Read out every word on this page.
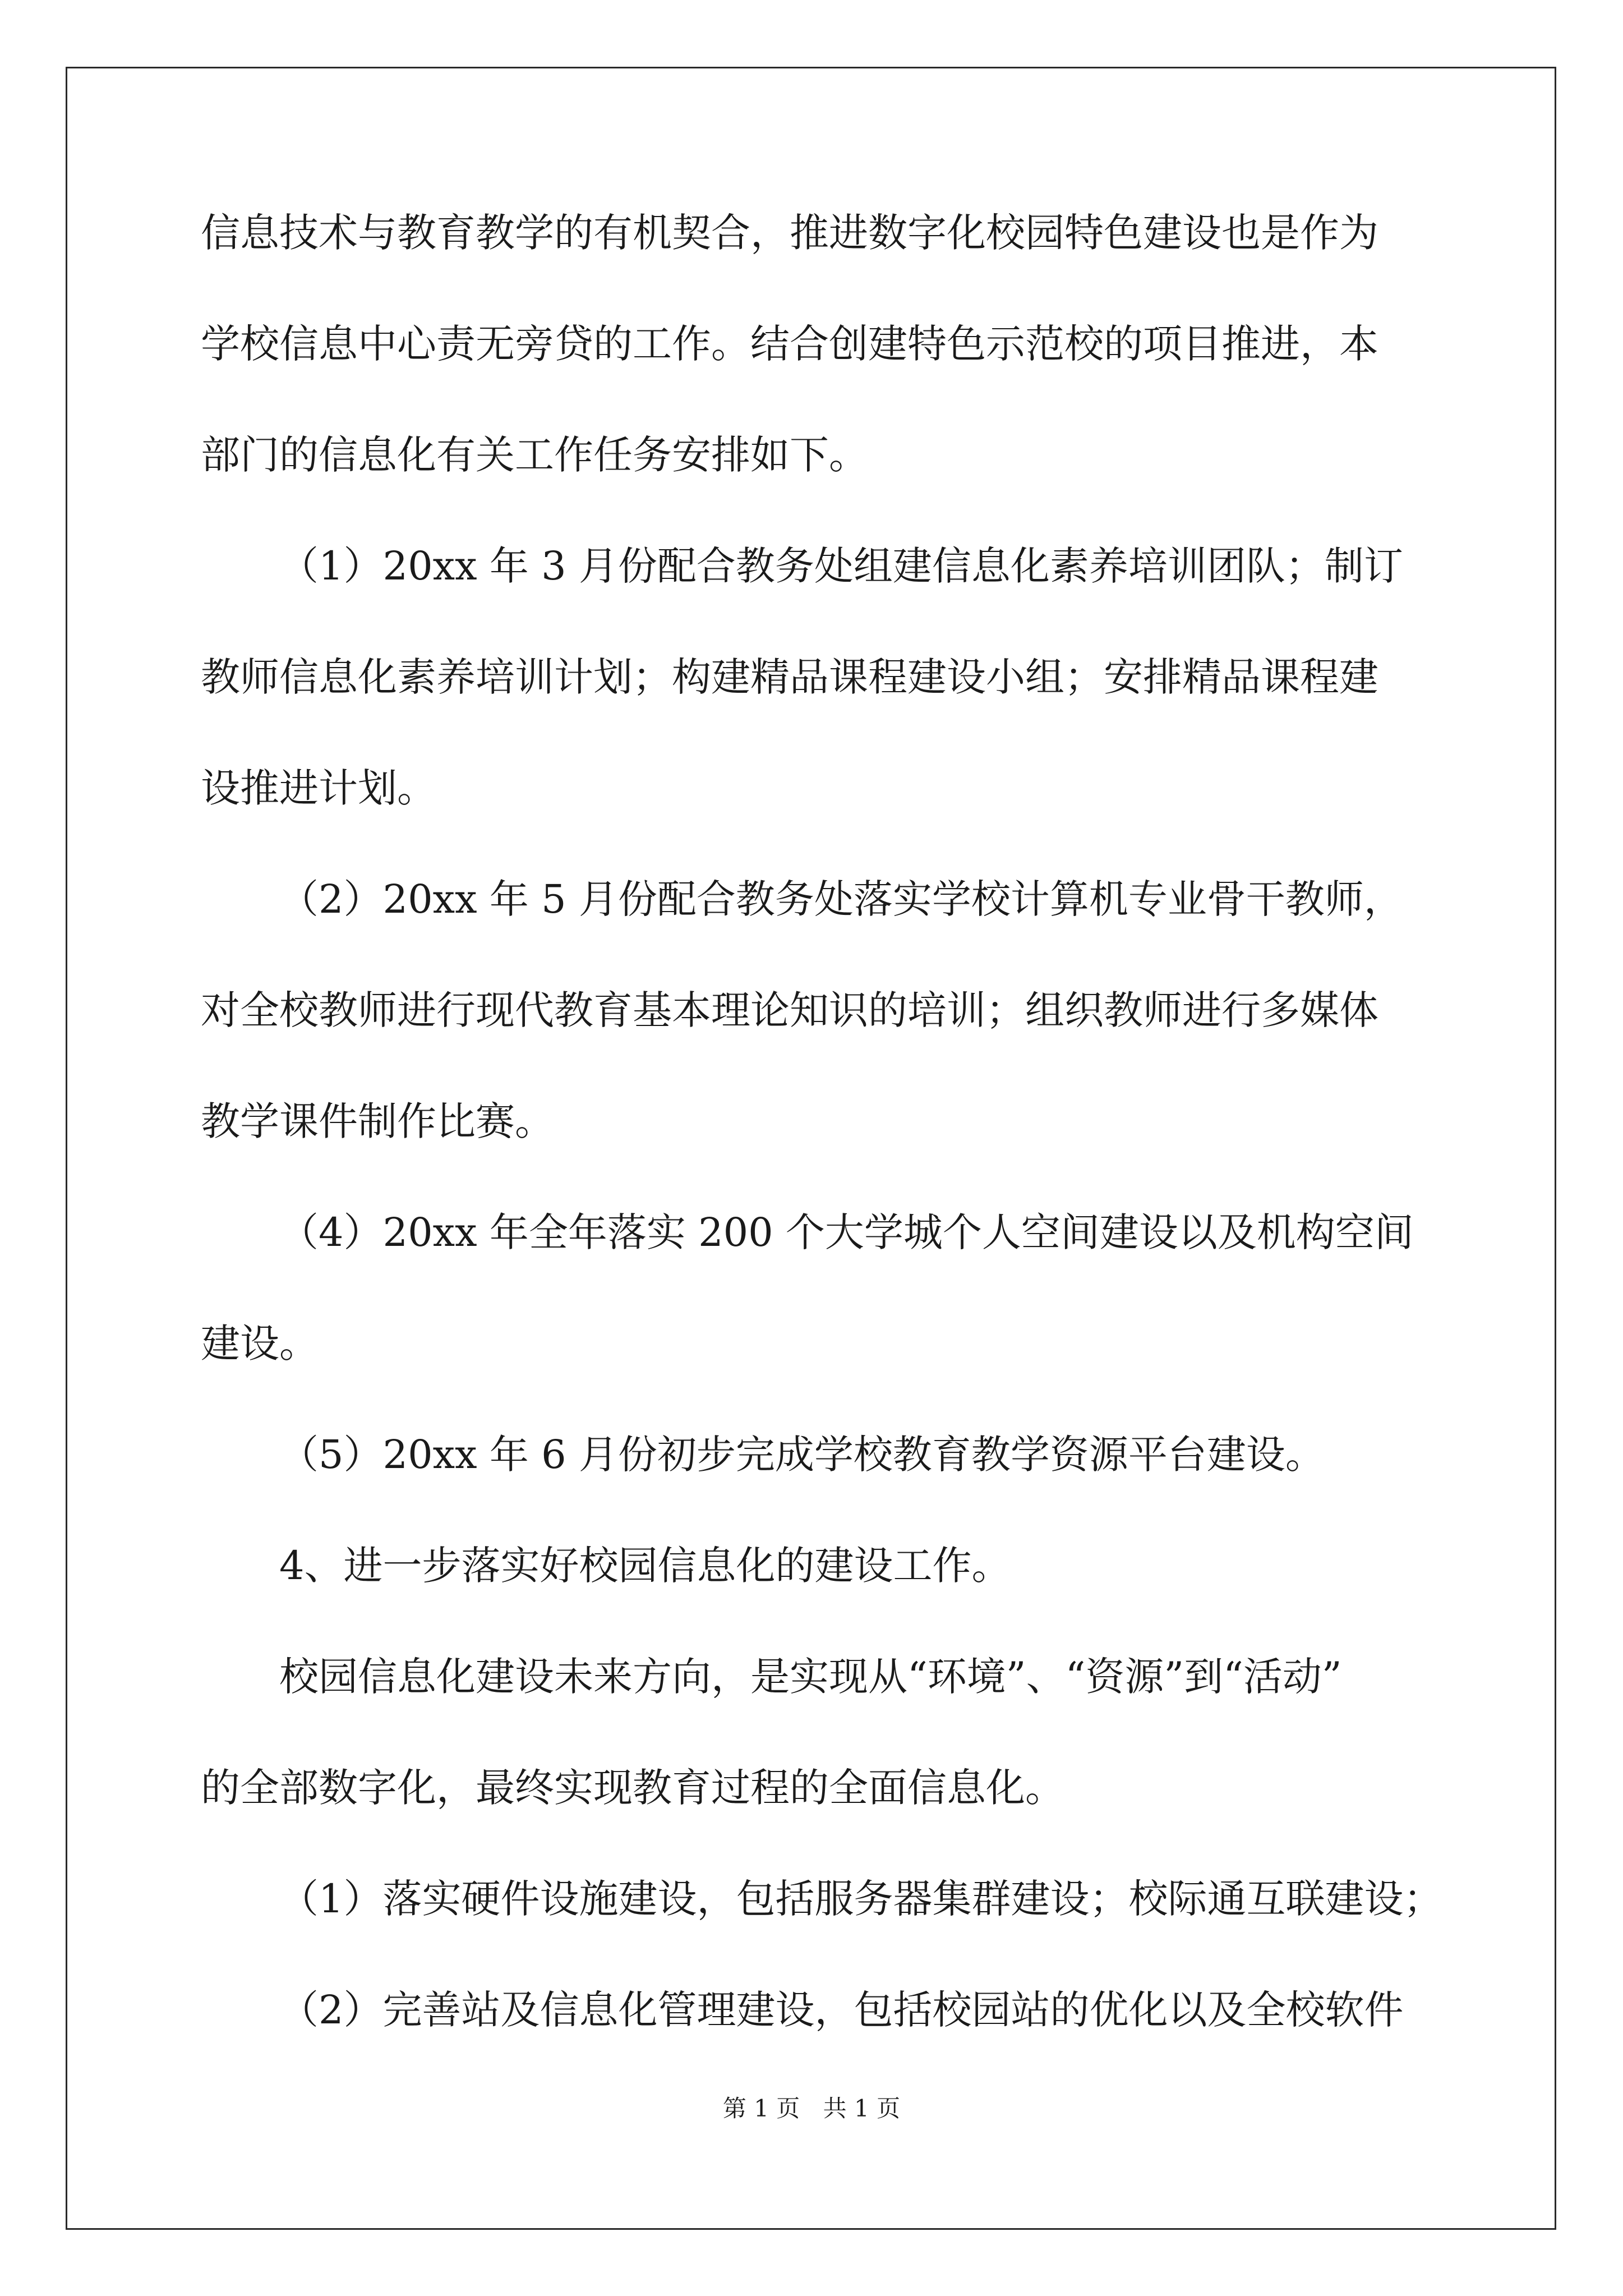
信息技术与教育教学的有机契合，推进数字化校园特色建设也是作为
学校信息中心责无旁贷的工作。结合创建特色示范校的项目推进，本
部门的信息化有关工作任务安排如下。
（1）20xx 年 3 月份配合教务处组建信息化素养培训团队；制订
教师信息化素养培训计划；构建精品课程建设小组；安排精品课程建
设推进计划。
（2）20xx 年 5 月份配合教务处落实学校计算机专业骨干教师，
对全校教师进行现代教育基本理论知识的培训；组织教师进行多媒体
教学课件制作比赛。
（4）20xx 年全年落实 200 个大学城个人空间建设以及机构空间
建设。
（5）20xx 年 6 月份初步完成学校教育教学资源平台建设。
4、进一步落实好校园信息化的建设工作。
校园信息化建设未来方向，是实现从“环境”、“资源”到“活动”
的全部数字化，最终实现教育过程的全面信息化。
（1）落实硬件设施建设，包括服务器集群建设；校际通互联建设；
（2）完善站及信息化管理建设，包括校园站的优化以及全校软件
第 1 页 共 1 页
